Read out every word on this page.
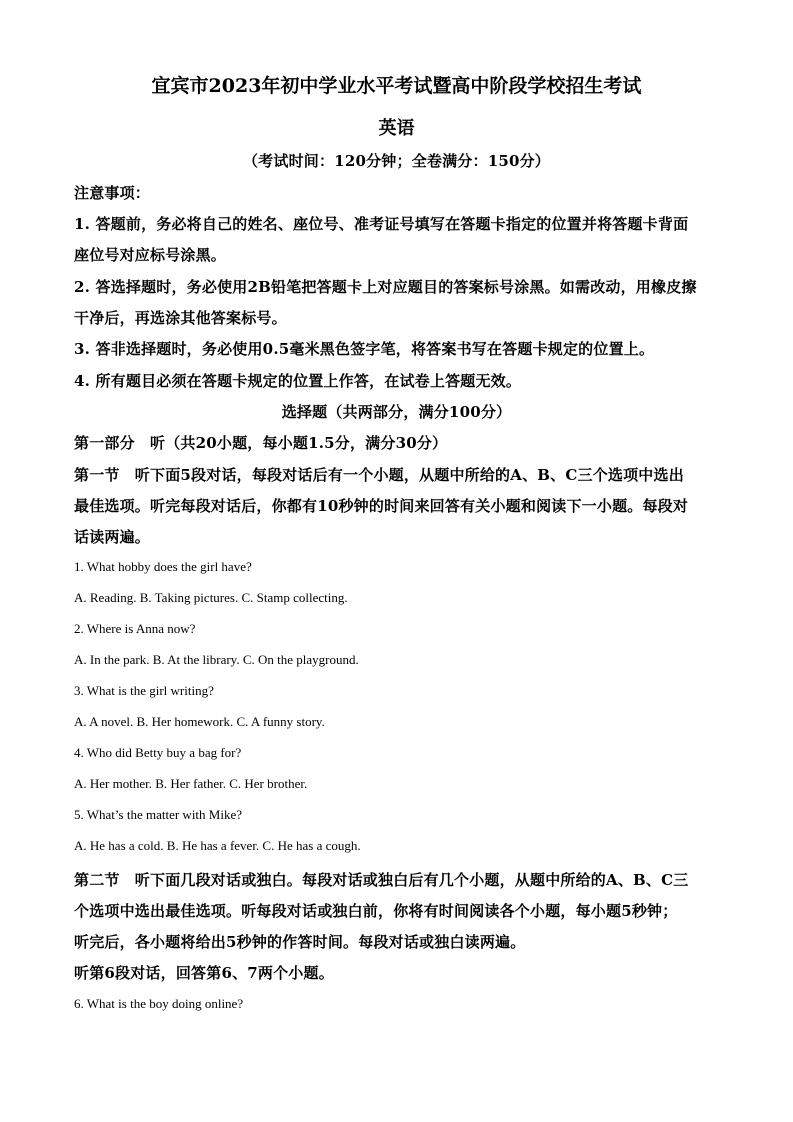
宜宾市2023年初中学业水平考试暨高中阶段学校招生考试
英语
（考试时间：120分钟；全卷满分：150分）
注意事项：
1. 答题前，务必将自己的姓名、座位号、准考证号填写在答题卡指定的位置并将答题卡背面
座位号对应标号涂黑。
2. 答选择题时，务必使用2B铅笔把答题卡上对应题目的答案标号涂黑。如需改动，用橡皮擦
干净后，再选涂其他答案标号。
3. 答非选择题时，务必使用0.5毫米黑色签字笔，将答案书写在答题卡规定的位置上。
4. 所有题目必须在答题卡规定的位置上作答，在试卷上答题无效。
选择题（共两部分，满分100分）
第一部分　听（共20小题，每小题1.5分，满分30分）
第一节　听下面5段对话，每段对话后有一个小题，从题中所给的A、B、C三个选项中选出
最佳选项。听完每段对话后，你都有10秒钟的时间来回答有关小题和阅读下一小题。每段对
话读两遍。
1. What hobby does the girl have?
A. Reading. B. Taking pictures. C. Stamp collecting.
2. Where is Anna now?
A. In the park. B. At the library. C. On the playground.
3. What is the girl writing?
A. A novel. B. Her homework. C. A funny story.
4. Who did Betty buy a bag for?
A. Her mother. B. Her father. C. Her brother.
5. What’s the matter with Mike?
A. He has a cold. B. He has a fever. C. He has a cough.
第二节　听下面几段对话或独白。每段对话或独白后有几个小题，从题中所给的A、B、C三
个选项中选出最佳选项。听每段对话或独白前，你将有时间阅读各个小题，每小题5秒钟；
听完后，各小题将给出5秒钟的作答时间。每段对话或独白读两遍。
听第6段对话，回答第6、7两个小题。
6. What is the boy doing online?
